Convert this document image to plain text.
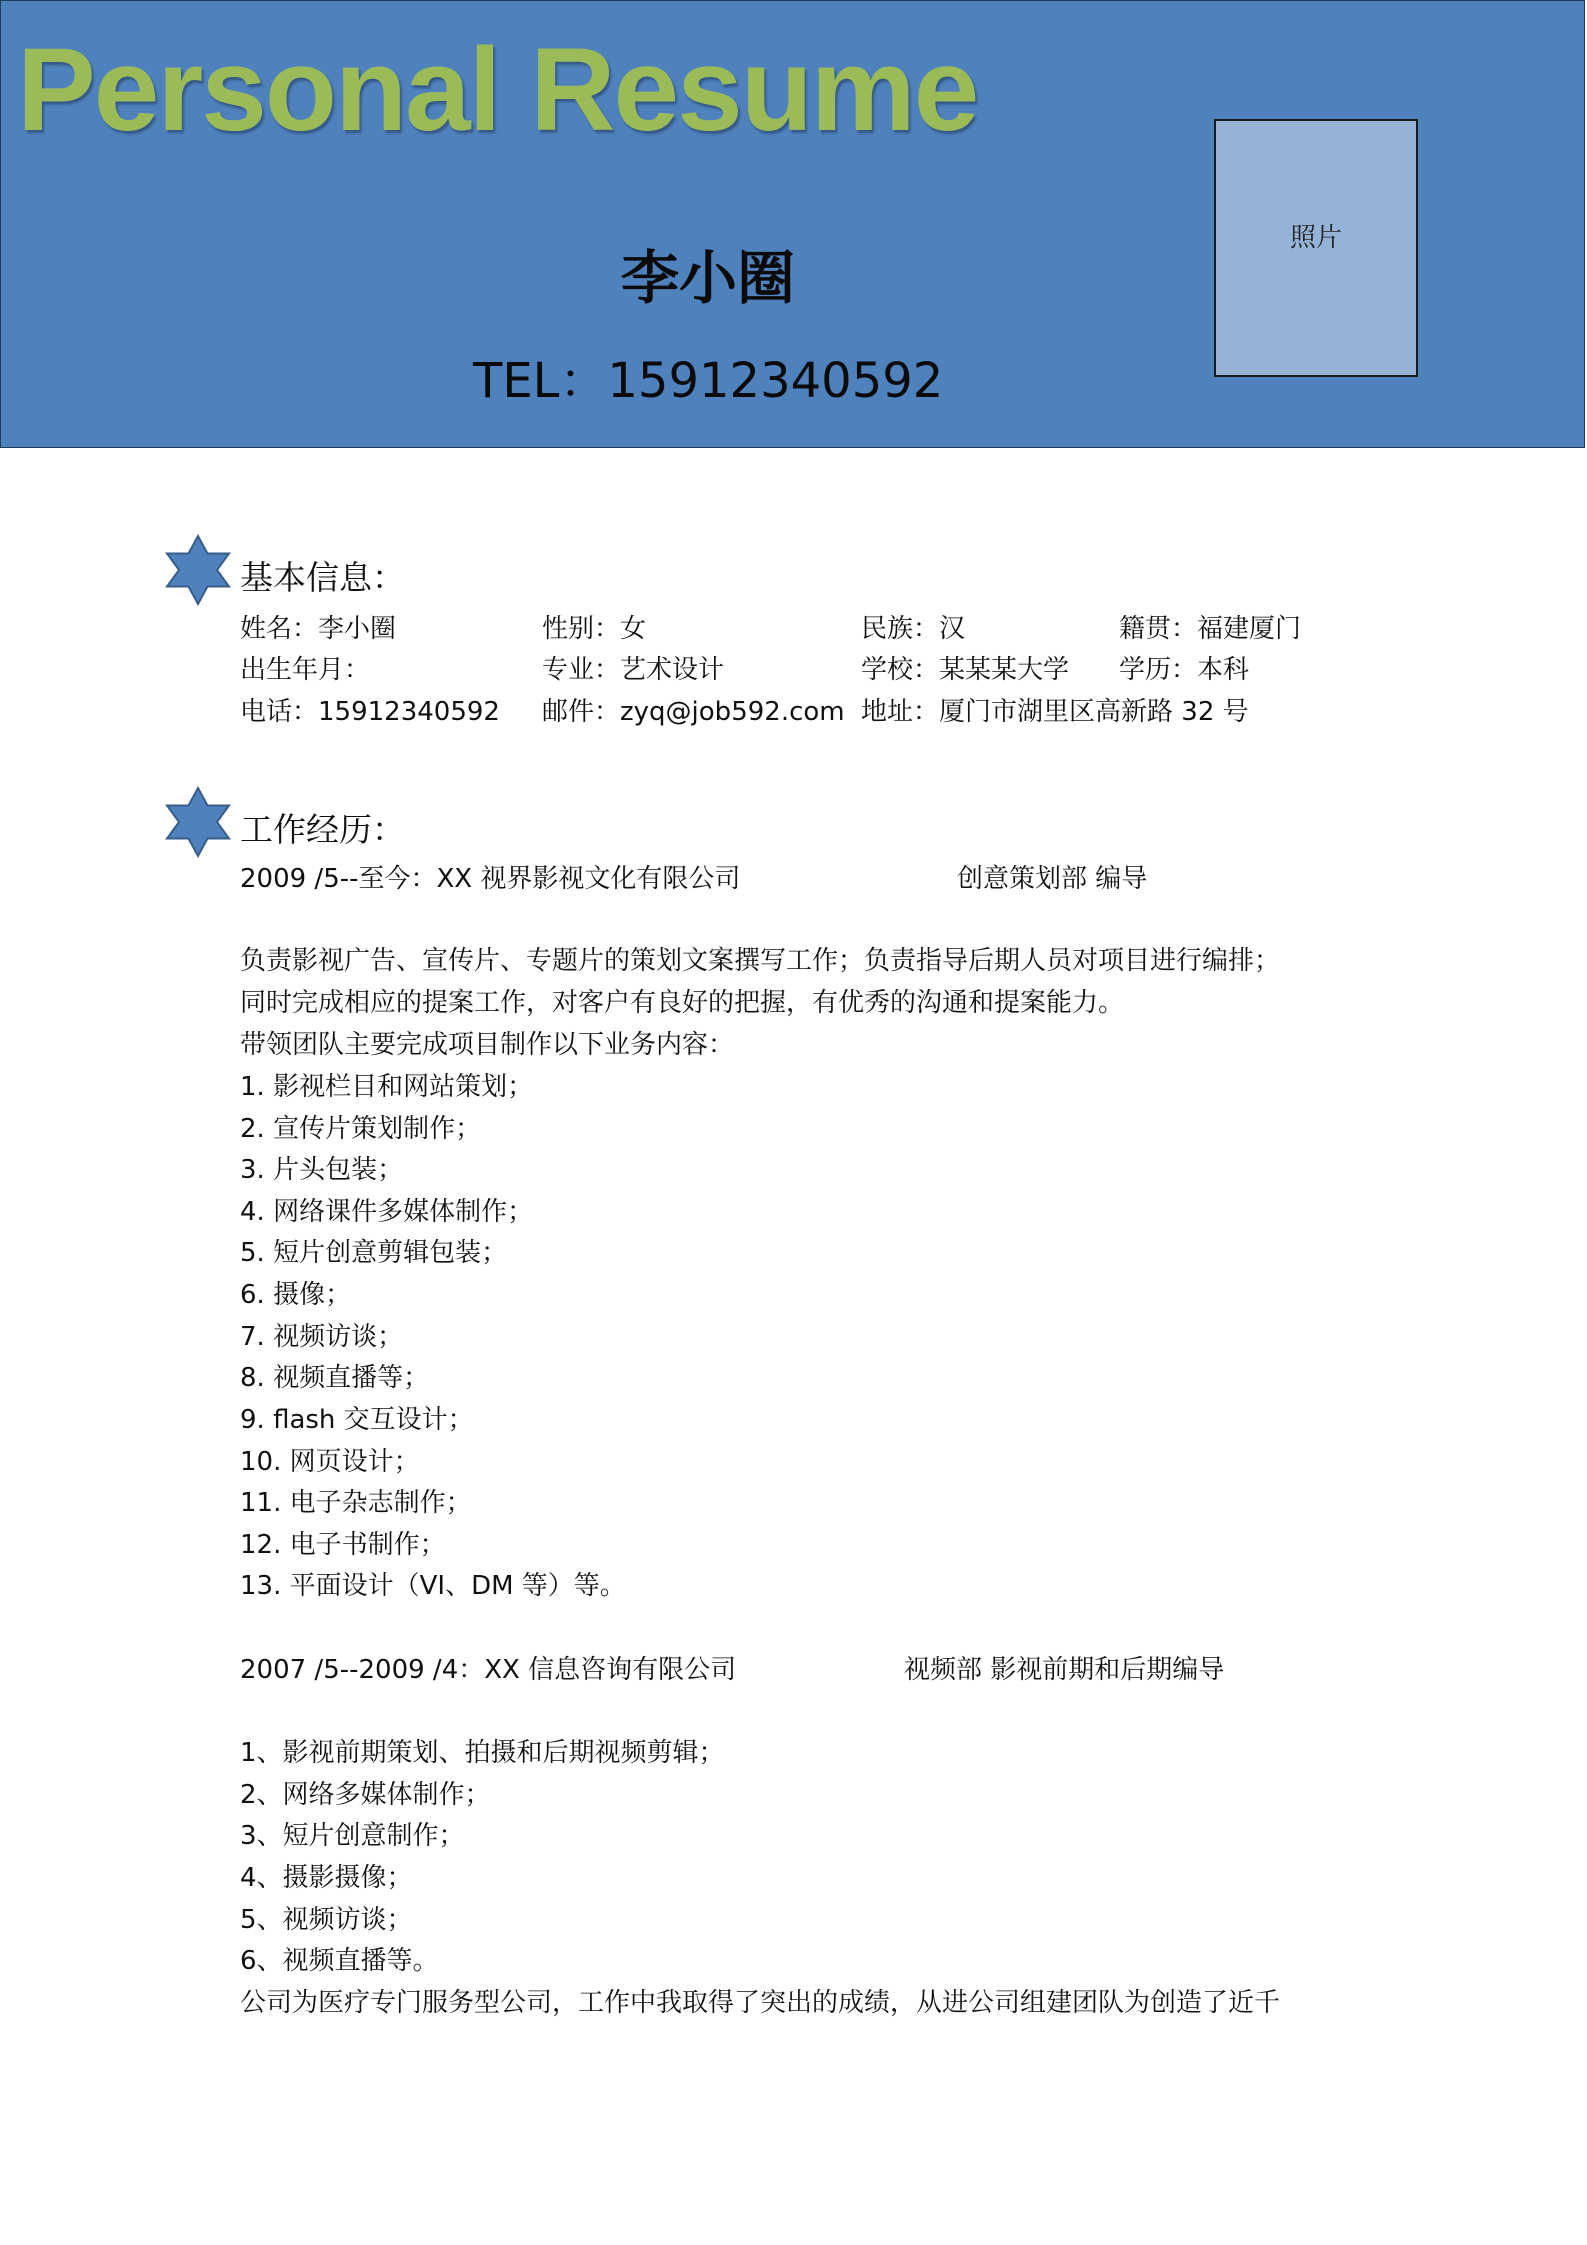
Personal Resume
李小圈
TEL：15912340592
照片
基本信息：
姓名：李小圈	性别：女	民族：汉	籍贯：福建厦门
出生年月：	专业：艺术设计	学校：某某某大学 学历：本科
电话：15912340592 邮件：zyq@job592.com 地址：厦门市湖里区高新路 32 号
工作经历：
2009 /5--至今：XX 视界影视文化有限公司	创意策划部 编导
负责影视广告、宣传片、专题片的策划文案撰写工作；负责指导后期人员对项目进行编排；
同时完成相应的提案工作，对客户有良好的把握，有优秀的沟通和提案能力。
带领团队主要完成项目制作以下业务内容：
1. 影视栏目和网站策划；
2. 宣传片策划制作；
3. 片头包装；
4. 网络课件多媒体制作；
5. 短片创意剪辑包装；
6. 摄像；
7. 视频访谈；
8. 视频直播等；
9. flash 交互设计；
10. 网页设计；
11. 电子杂志制作；
12. 电子书制作；
13. 平面设计（VI、DM 等）等。
2007 /5--2009 /4：XX 信息咨询有限公司	视频部 影视前期和后期编导
1、影视前期策划、拍摄和后期视频剪辑；
2、网络多媒体制作；
3、短片创意制作；
4、摄影摄像；
5、视频访谈；
6、视频直播等。
公司为医疗专门服务型公司，工作中我取得了突出的成绩，从进公司组建团队为创造了近千
